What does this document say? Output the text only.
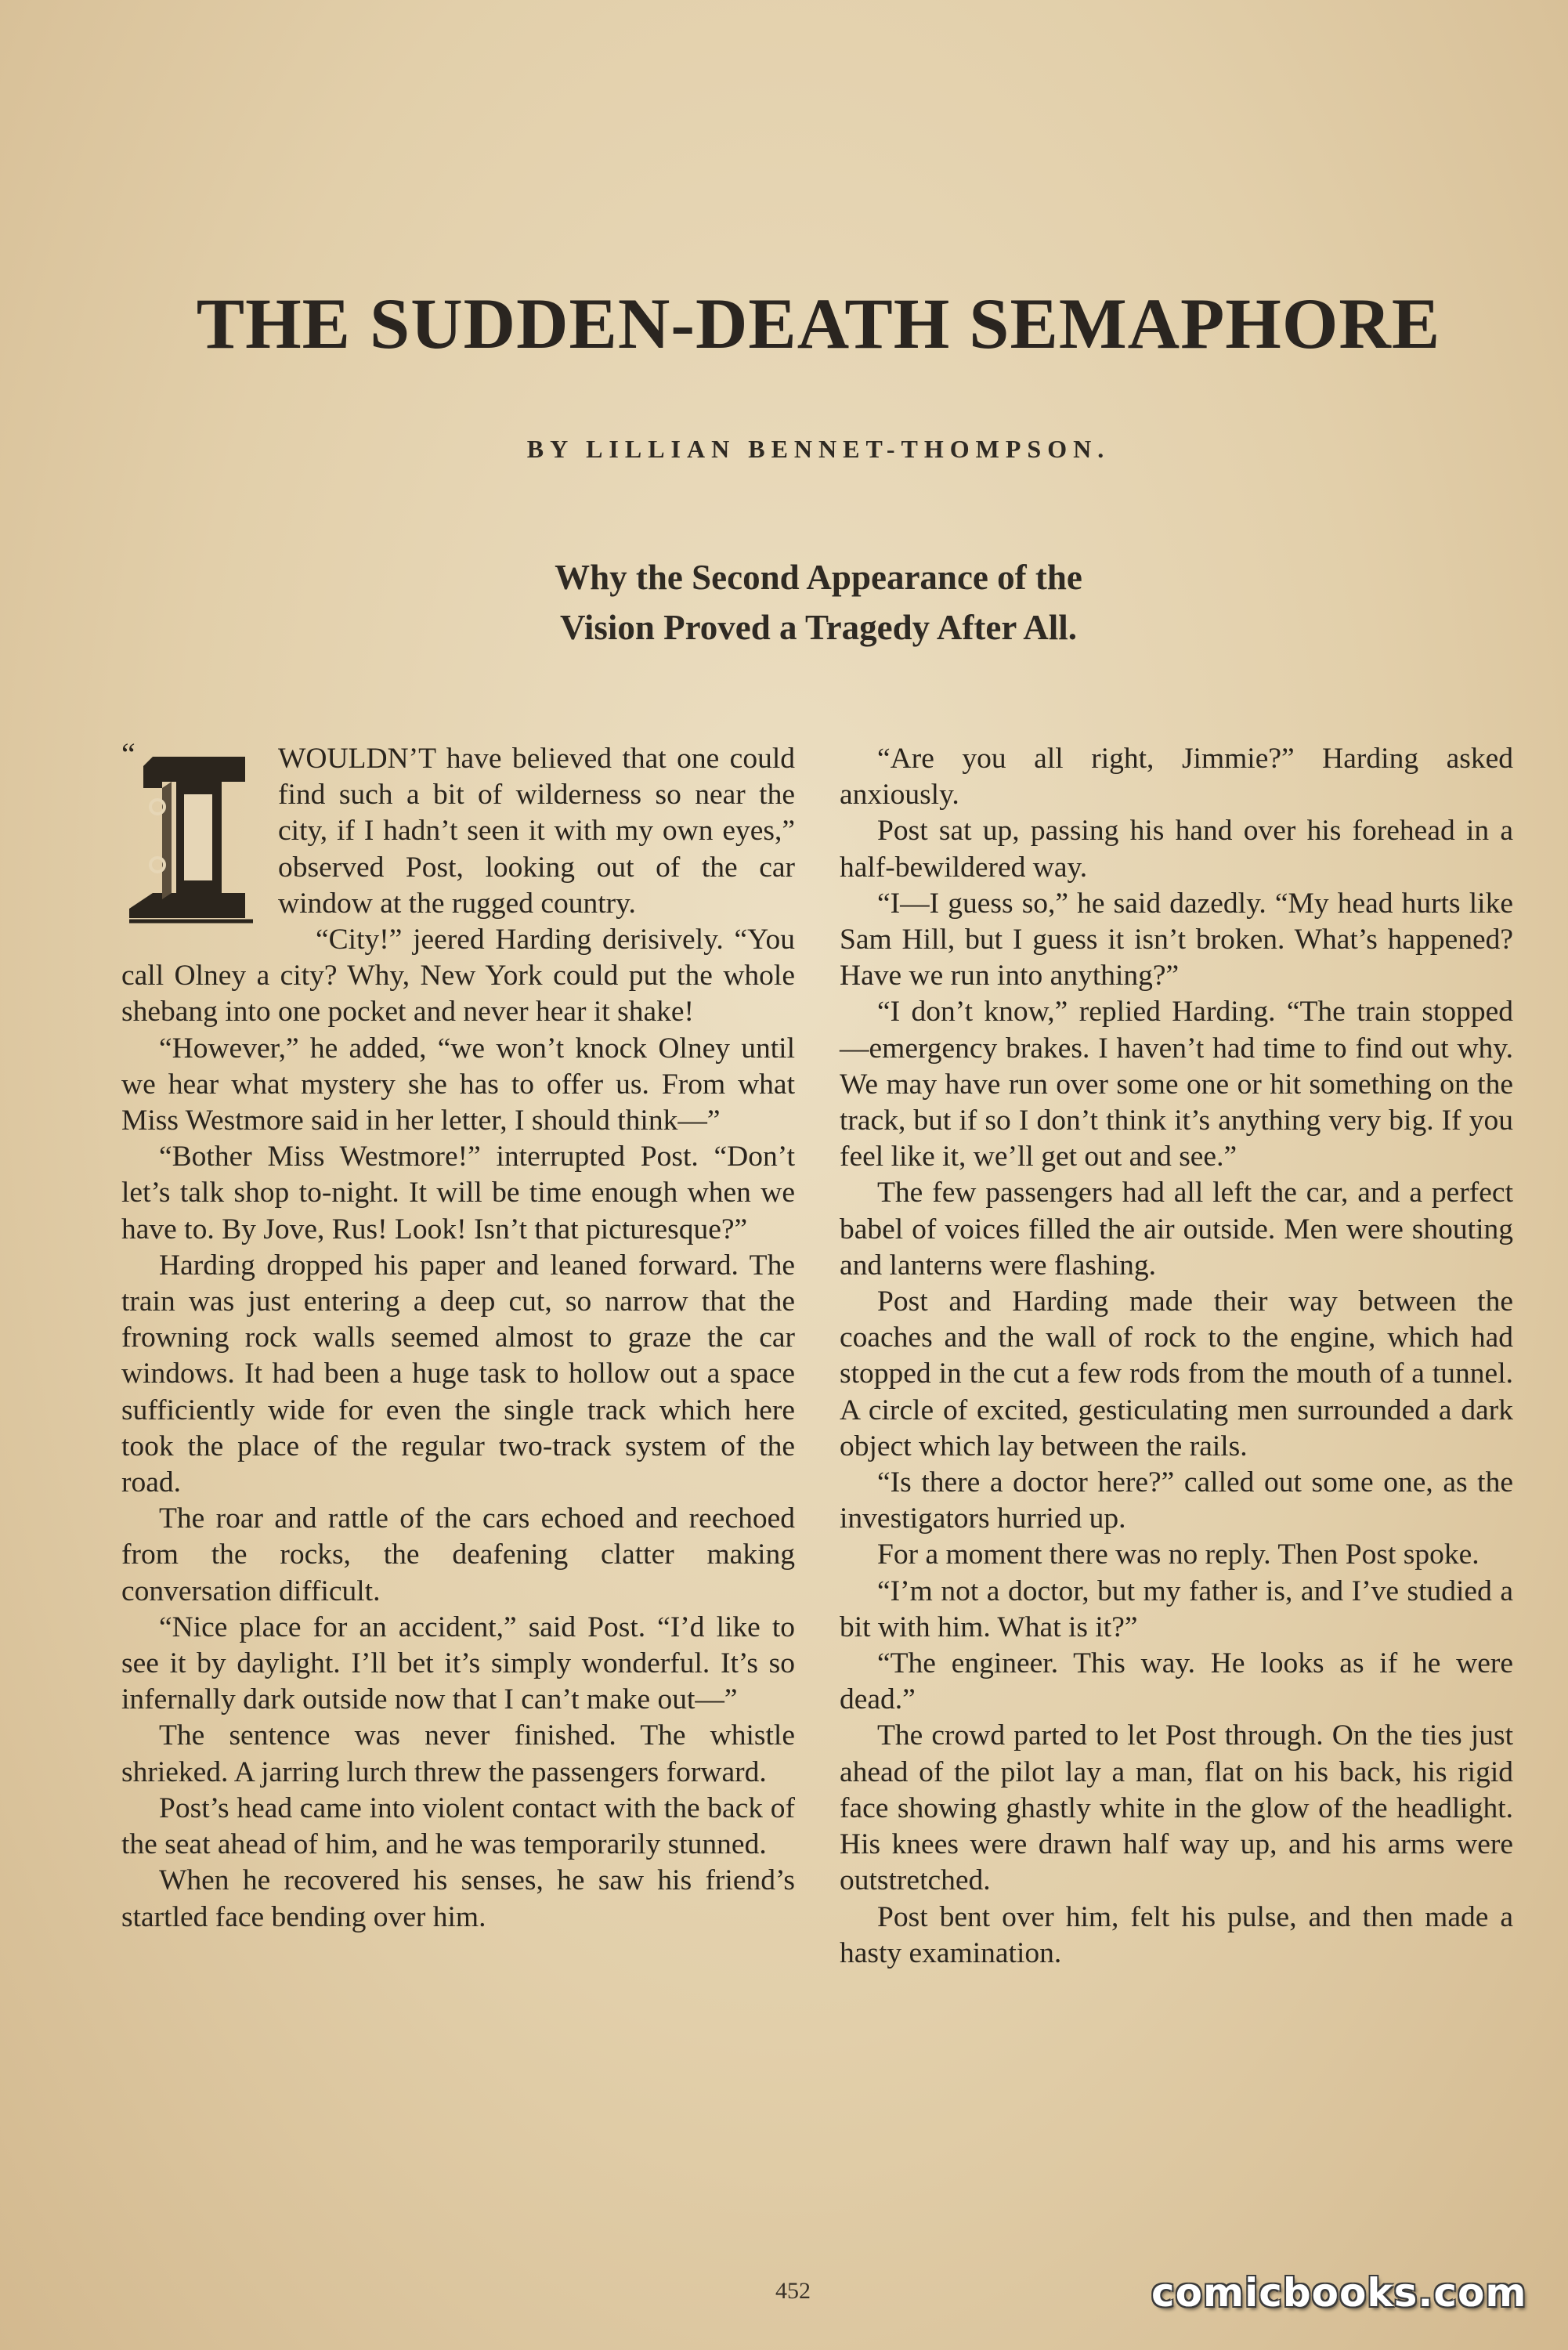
THE SUDDEN-DEATH SEMAPHORE

BY LILLIAN BENNET-THOMPSON.

Why the Second Appearance of the
Vision Proved a Tragedy After All.
“	WOULDN’T have believed that one could find such a bit of wilderness so near the city, if I hadn’t seen it with my own eyes,” observed Post, looking out of the car window at the rugged country.

“City!” jeered Harding derisively. “You call Olney a city? Why, New York could put the whole shebang into one pocket and never hear it shake!

“However,” he added, “we won’t knock Olney until we hear what mystery she has to offer us. From what Miss Westmore said in her letter, I should think—”

“Bother Miss Westmore!” interrupted Post. “Don’t let’s talk shop to-night. It will be time enough when we have to. By Jove, Rus! Look! Isn’t that picturesque?”

Harding dropped his paper and leaned forward. The train was just entering a deep cut, so narrow that the frowning rock walls seemed almost to graze the car windows. It had been a huge task to hollow out a space sufficiently wide for even the single track which here took the place of the regular two-track system of the road.

The roar and rattle of the cars echoed and reechoed from the rocks, the deafening clatter making conversation difficult.

“Nice place for an accident,” said Post. “I’d like to see it by daylight. I’ll bet it’s simply wonderful. It’s so infernally dark outside now that I can’t make out—”

The sentence was never finished. The whistle shrieked. A jarring lurch threw the passengers forward.

Post’s head came into violent contact with the back of the seat ahead of him, and he was temporarily stunned.

When he recovered his senses, he saw his friend’s startled face bending over him.

“Are you all right, Jimmie?” Harding asked anxiously.

Post sat up, passing his hand over his forehead in a half-bewildered way.

“I—I guess so,” he said dazedly. “My head hurts like Sam Hill, but I guess it isn’t broken. What’s happened? Have we run into anything?”

“I don’t know,” replied Harding. “The train stopped—emergency brakes. I haven’t had time to find out why. We may have run over some one or hit something on the track, but if so I don’t think it’s anything very big. If you feel like it, we’ll get out and see.”

The few passengers had all left the car, and a perfect babel of voices filled the air outside. Men were shouting and lanterns were flashing.

Post and Harding made their way between the coaches and the wall of rock to the engine, which had stopped in the cut a few rods from the mouth of a tunnel. A circle of excited, gesticulating men surrounded a dark object which lay between the rails.

“Is there a doctor here?” called out some one, as the investigators hurried up.

For a moment there was no reply. Then Post spoke.

“I’m not a doctor, but my father is, and I’ve studied a bit with him. What is it?”

“The engineer. This way. He looks as if he were dead.”

The crowd parted to let Post through. On the ties just ahead of the pilot lay a man, flat on his back, his rigid face showing ghastly white in the glow of the headlight. His knees were drawn half way up, and his arms were outstretched.

Post bent over him, felt his pulse, and then made a hasty examination.

452	comicbooks.com
